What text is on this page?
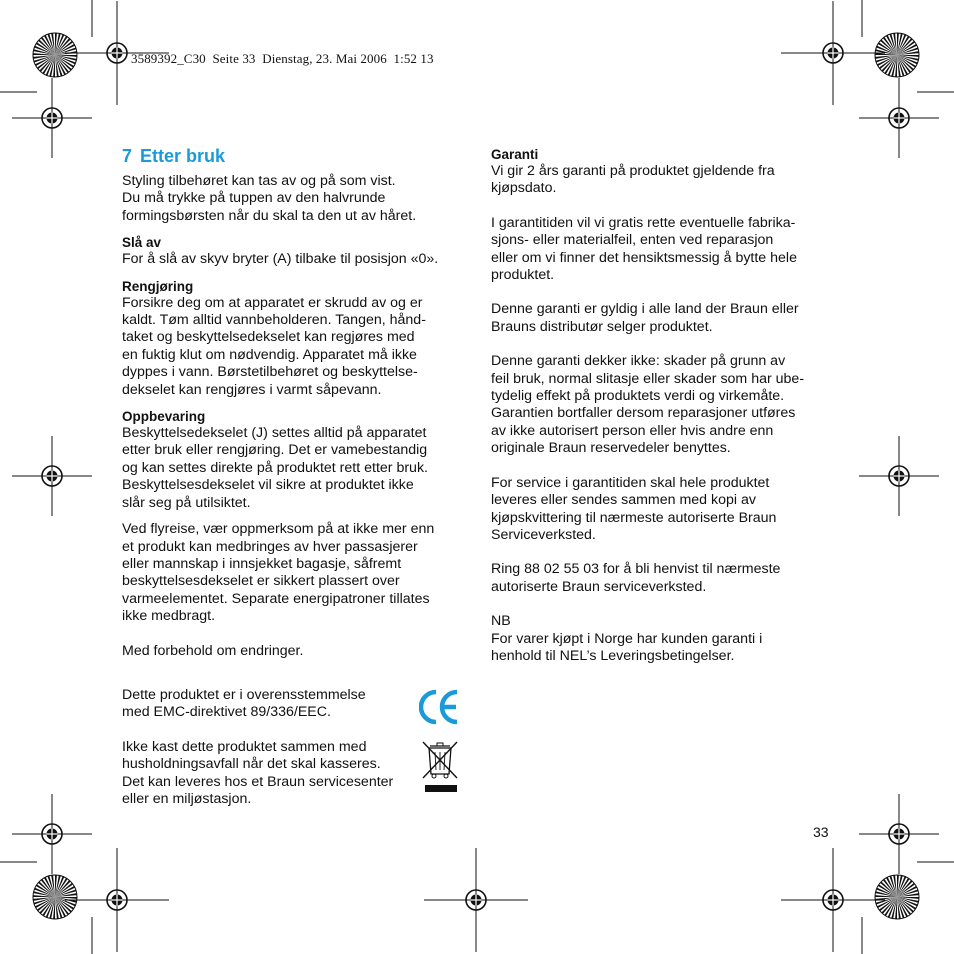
3589392_C30  Seite 33  Dienstag, 23. Mai 2006  1:52 13
7 Etter bruk

Styling tilbehøret kan tas av og på som vist.
Du må trykke på tuppen av den halvrunde
formingsbørsten når du skal ta den ut av håret.

Slå av

For å slå av skyv bryter (A) tilbake til posisjon «0».

Rengjøring

Forsikre deg om at apparatet er skrudd av og er
kaldt. Tøm alltid vannbeholderen. Tangen, hånd-
taket og beskyttelsedekselet kan regjøres med
en fuktig klut om nødvendig. Apparatet må ikke
dyppes i vann. Børstetilbehøret og beskyttelse-
dekselet kan rengjøres i varmt såpevann.

Oppbevaring

Beskyttelsedekselet (J) settes alltid på apparatet
etter bruk eller rengjøring. Det er vamebestandig
og kan settes direkte på produktet rett etter bruk.
Beskyttelsesdekselet vil sikre at produktet ikke
slår seg på utilsiktet.

Ved flyreise, vær oppmerksom på at ikke mer enn
et produkt kan medbringes av hver passasjerer
eller mannskap i innsjekket bagasje, såfremt
beskyttelsesdekselet er sikkert plassert over
varmeelementet. Separate energipatroner tillates
ikke medbragt.

Med forbehold om endringer.

Dette produktet er i overensstemmelse
med EMC-direktivet 89/336/EEC.

Ikke kast dette produktet sammen med
husholdningsavfall når det skal kasseres.
Det kan leveres hos et Braun servicesenter
eller en miljøstasjon.

Garanti

Vi gir 2 års garanti på produktet gjeldende fra
kjøpsdato.

I garantitiden vil vi gratis rette eventuelle fabrika-
sjons- eller materialfeil, enten ved reparasjon
eller om vi finner det hensiktsmessig å bytte hele
produktet.

Denne garanti er gyldig i alle land der Braun eller
Brauns distributør selger produktet.

Denne garanti dekker ikke: skader på grunn av
feil bruk, normal slitasje eller skader som har ube-
tydelig effekt på produktets verdi og virkemåte.
Garantien bortfaller dersom reparasjoner utføres
av ikke autorisert person eller hvis andre enn
originale Braun reservedeler benyttes.

For service i garantitiden skal hele produktet
leveres eller sendes sammen med kopi av
kjøpskvittering til nærmeste autoriserte Braun
Serviceverksted.

Ring 88 02 55 03 for å bli henvist til nærmeste
autoriserte Braun serviceverksted.

NB
For varer kjøpt i Norge har kunden garanti i
henhold til NEL’s Leveringsbetingelser.

33
